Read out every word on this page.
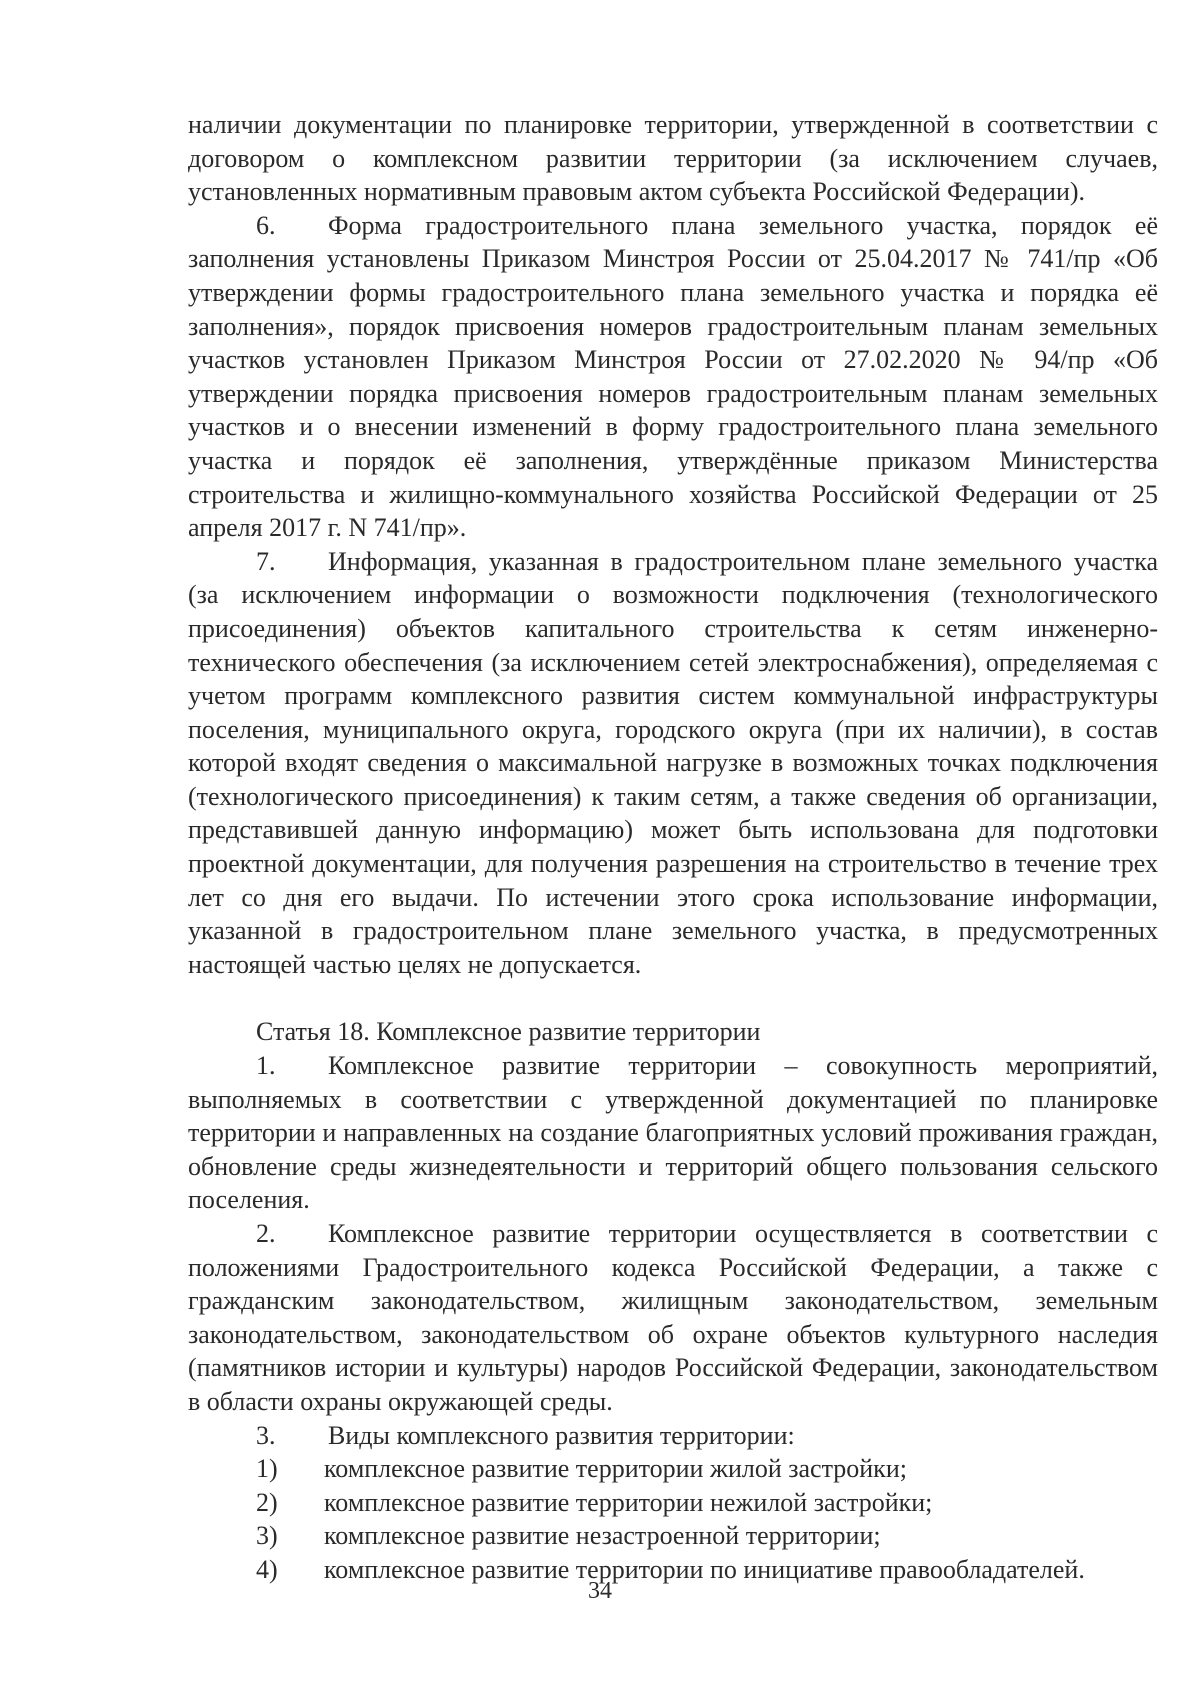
наличии документации по планировке территории, утвержденной в соответствии с договором о комплексном развитии территории (за исключением случаев, установленных нормативным правовым актом субъекта Российской Федерации).

6. Форма градостроительного плана земельного участка, порядок её заполнения установлены Приказом Минстроя России от 25.04.2017 № 741/пр «Об утверждении формы градостроительного плана земельного участка и порядка её заполнения», порядок присвоения номеров градостроительным планам земельных участков установлен Приказом Минстроя России от 27.02.2020 № 94/пр «Об утверждении порядка присвоения номеров градостроительным планам земельных участков и о внесении изменений в форму градостроительного плана земельного участка и порядок её заполнения, утверждённые приказом Министерства строительства и жилищно-коммунального хозяйства Российской Федерации от 25 апреля 2017 г. N 741/пр».

7. Информация, указанная в градостроительном плане земельного участка (за исключением информации о возможности подключения (технологического присоединения) объектов капитального строительства к сетям инженерно-технического обеспечения (за исключением сетей электроснабжения), определяемая с учетом программ комплексного развития систем коммунальной инфраструктуры поселения, муниципального округа, городского округа (при их наличии), в состав которой входят сведения о максимальной нагрузке в возможных точках подключения (технологического присоединения) к таким сетям, а также сведения об организации, представившей данную информацию) может быть использована для подготовки проектной документации, для получения разрешения на строительство в течение трех лет со дня его выдачи. По истечении этого срока использование информации, указанной в градостроительном плане земельного участка, в предусмотренных настоящей частью целях не допускается.

Статья 18. Комплексное развитие территории

1. Комплексное развитие территории – совокупность мероприятий, выполняемых в соответствии с утвержденной документацией по планировке территории и направленных на создание благоприятных условий проживания граждан, обновление среды жизнедеятельности и территорий общего пользования сельского поселения.

2. Комплексное развитие территории осуществляется в соответствии с положениями Градостроительного кодекса Российской Федерации, а также с гражданским законодательством, жилищным законодательством, земельным законодательством, законодательством об охране объектов культурного наследия (памятников истории и культуры) народов Российской Федерации, законодательством в области охраны окружающей среды.

3. Виды комплексного развития территории:

1) комплексное развитие территории жилой застройки;

2) комплексное развитие территории нежилой застройки;

3) комплексное развитие незастроенной территории;

4) комплексное развитие территории по инициативе правообладателей.

34
